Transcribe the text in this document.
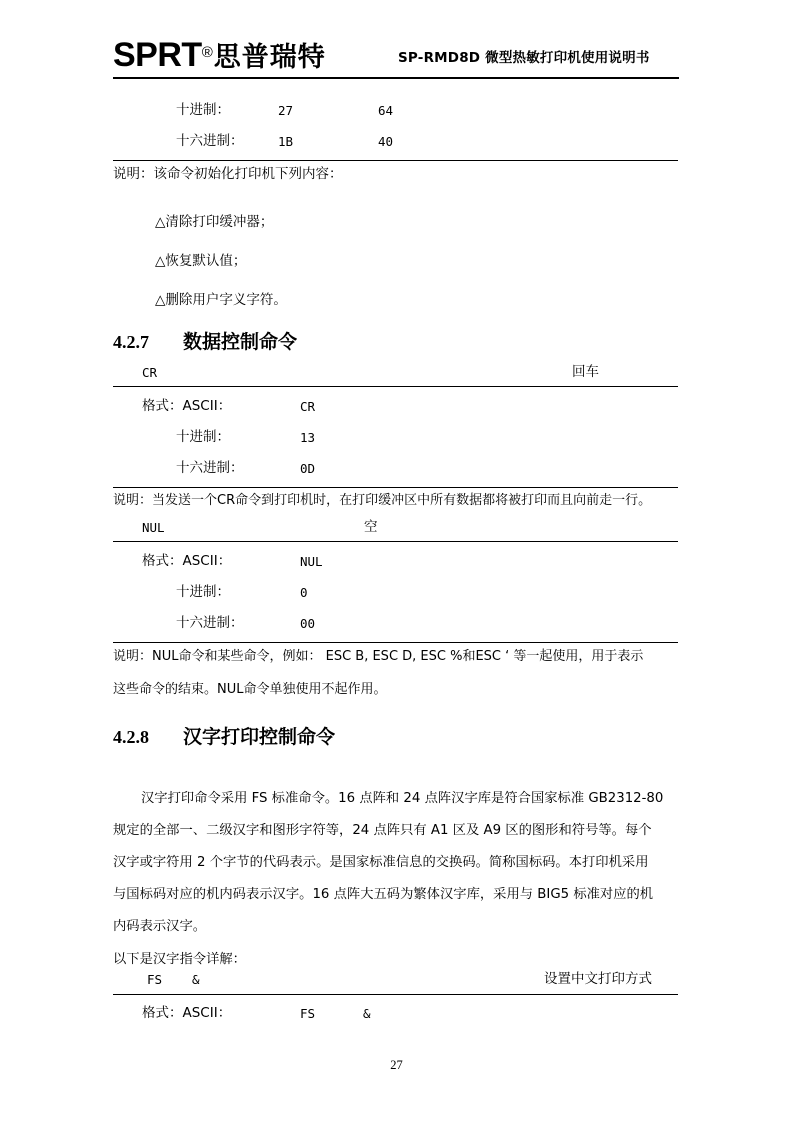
SPRT ® 思普瑞特	SP-RMD8D 微型热敏打印机使用说明书
十进制：	27	64
十六进制：	1B	40
说明：该命令初始化打印机下列内容：
△清除打印缓冲器；
△恢复默认值；
△删除用户字义字符。
4.2.7 数据控制命令
CR	回车
格式：ASCII：	CR
十进制：	13
十六进制：	0D
说明：当发送一个CR命令到打印机时，在打印缓冲区中所有数据都将被打印而且向前走一行。
NUL	空
格式：ASCII：	NUL
十进制：	0
十六进制：	00
说明：NUL命令和某些命令，例如： ESC B, ESC D, ESC %和ESC ‘ 等一起使用，用于表示
这些命令的结束。NUL命令单独使用不起作用。
4.2.8 汉字打印控制命令
汉字打印命令采用 FS 标准命令。16 点阵和 24 点阵汉字库是符合国家标准 GB2312-80
规定的全部一、二级汉字和图形字符等，24 点阵只有 A1 区及 A9 区的图形和符号等。每个
汉字或字符用 2 个字节的代码表示。是国家标准信息的交换码。简称国标码。本打印机采用
与国标码对应的机内码表示汉字。16 点阵大五码为繁体汉字库，采用与 BIG5 标准对应的机
内码表示汉字。
以下是汉字指令详解：
FS &	设置中文打印方式
格式：ASCII：	FS	&
27
